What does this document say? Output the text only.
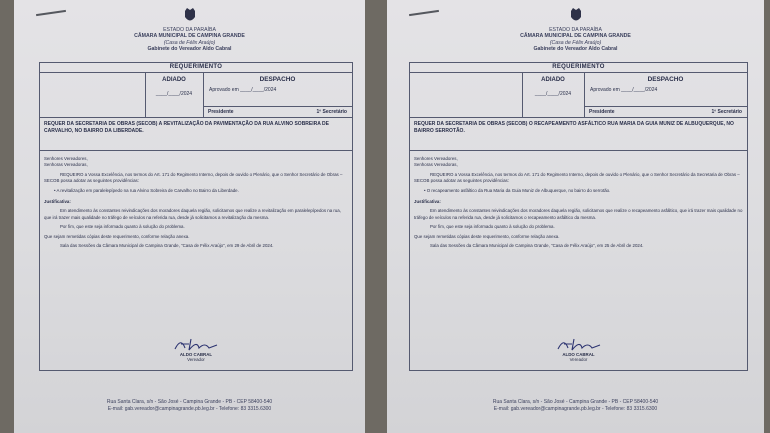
ESTADO DA PARAÍBA
CÂMARA MUNICIPAL DE CAMPINA GRANDE
(Casa de Félix Araújo)
Gabinete do Vereador Aldo Cabral
REQUERIMENTO
ADIADO
____/____/2024
DESPACHO
Aprovado em ____/____/2024
Presidente	1º Secretário
REQUER DA SECRETARIA DE OBRAS (SECOB) A REVITALIZAÇÃO DA PAVIMENTAÇÃO DA RUA ALVINO SOBREIRA DE CARVALHO, NO BAIRRO DA LIBERDADE.

Senhores Vereadores,

Senhoras Vereadoras,

REQUEIRO a Vossa Excelência, nos termos do Art. 171 do Regimento Interno, depois de ouvido o Plenário, que o Senhor Secretário de Obras – SECOB possa adotar as seguintes providências:

• A revitalização em paralelepípedo na rua Alvino Sobreira de Carvalho no Bairro da Liberdade.

Justificativa:

Em atendimento às constantes reivindicações dos moradores daquela região, solicitamos que realize a revitalização em paralelepípedos na rua, que irá trazer mais qualidade no tráfego de veículos na referida rua, desde já solicitamos a revitalização da mesma.

Por fim, que este seja informado quanto à solução do problema.

Que sejam remetidas cópias deste requerimento, conforme relação anexa.

Sala das Sessões da Câmara Municipal de Campina Grande, "Casa de Félix Araújo", em 29 de Abril de 2024.

ALDO CABRAL
Vereador
Rua Santa Clara, s/n - São José - Campina Grande - PB - CEP 58400-540
E-mail: gab.vereador@campinagrande.pb.leg.br - Telefone: 83 3315.6300
ESTADO DA PARAÍBA
CÂMARA MUNICIPAL DE CAMPINA GRANDE
(Casa de Félix Araújo)
Gabinete do Vereador Aldo Cabral
REQUERIMENTO
ADIADO
____/____/2024
DESPACHO
Aprovado em ____/____/2024
Presidente	1º Secretário
REQUER DA SECRETARIA DE OBRAS (SECOB) O RECAPEAMENTO ASFÁLTICO RUA MARIA DA GUIA MUNIZ DE ALBUQUERQUE, NO BAIRRO SERROTÃO.

Senhores Vereadores,

Senhoras Vereadoras,

REQUEIRO a Vossa Excelência, nos termos do Art. 171 do Regimento Interno, depois de ouvido o Plenário, que o Senhor Secretário da Secretaria de Obras – SECOB possa adotar as seguintes providências:

• O recapeamento asfáltico da Rua Maria da Guia Muniz de Albuquerque, no bairro do serrotão.

Justificativa:

Em atendimento às constantes reivindicações dos moradores daquela região, solicitamos que realize o recapeamento asfáltico, que irá trazer mais qualidade no tráfego de veículos na referida rua, desde já solicitamos o recapeamento asfáltico da mesma.

Por fim, que este seja informado quanto à solução do problema.

Que sejam remetidas cópias deste requerimento, conforme relação anexa.

Sala das Sessões da Câmara Municipal de Campina Grande, "Casa de Félix Araújo", em 25 de Abril de 2024.

ALDO CABRAL
Vereador
Rua Santa Clara, s/n - São José - Campina Grande - PB - CEP 58400-540
E-mail: gab.vereador@campinagrande.pb.leg.br - Telefone: 83 3315.6300
